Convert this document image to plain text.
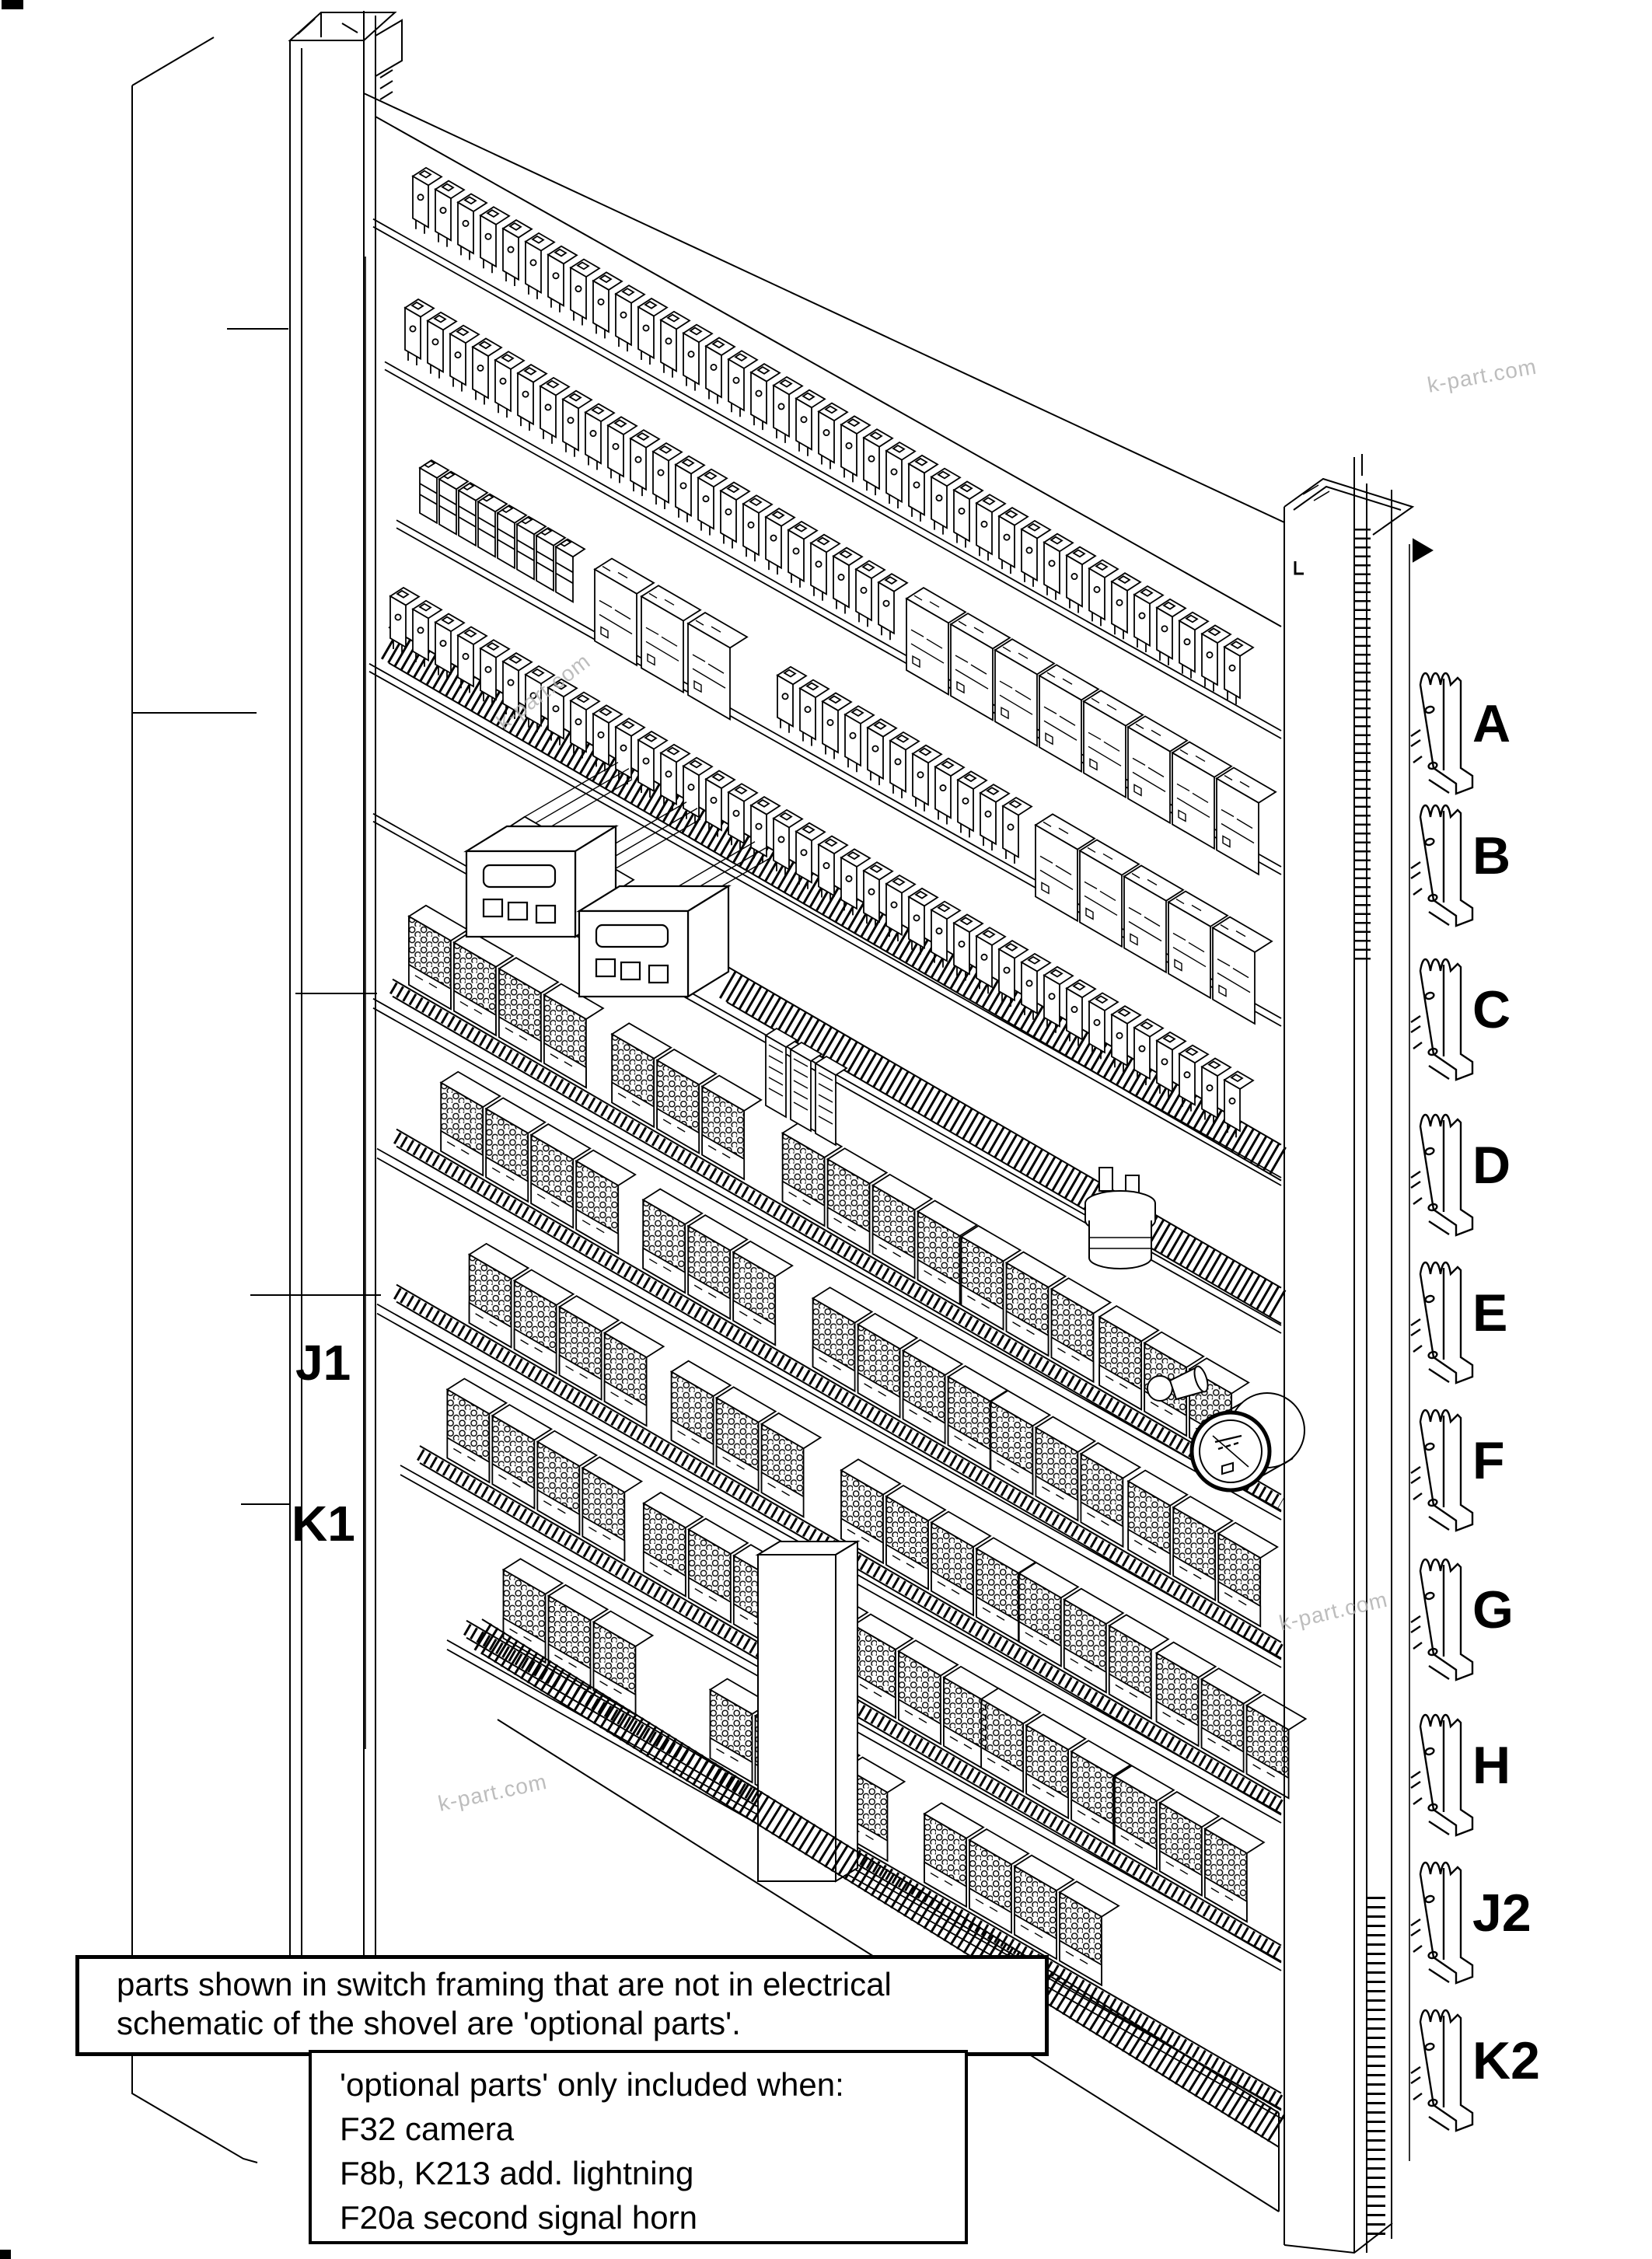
A
B
C
D
E
F
G
H
J2
K2
J1
K1
k-part.com
k-part.com
k-part.com
k-part.com
parts shown in switch framing that are not in electrical schematic of the shovel are 'optional parts'.
'optional parts' only included when:
F32 camera
F8b, K213 add. lightning
F20a second signal horn
